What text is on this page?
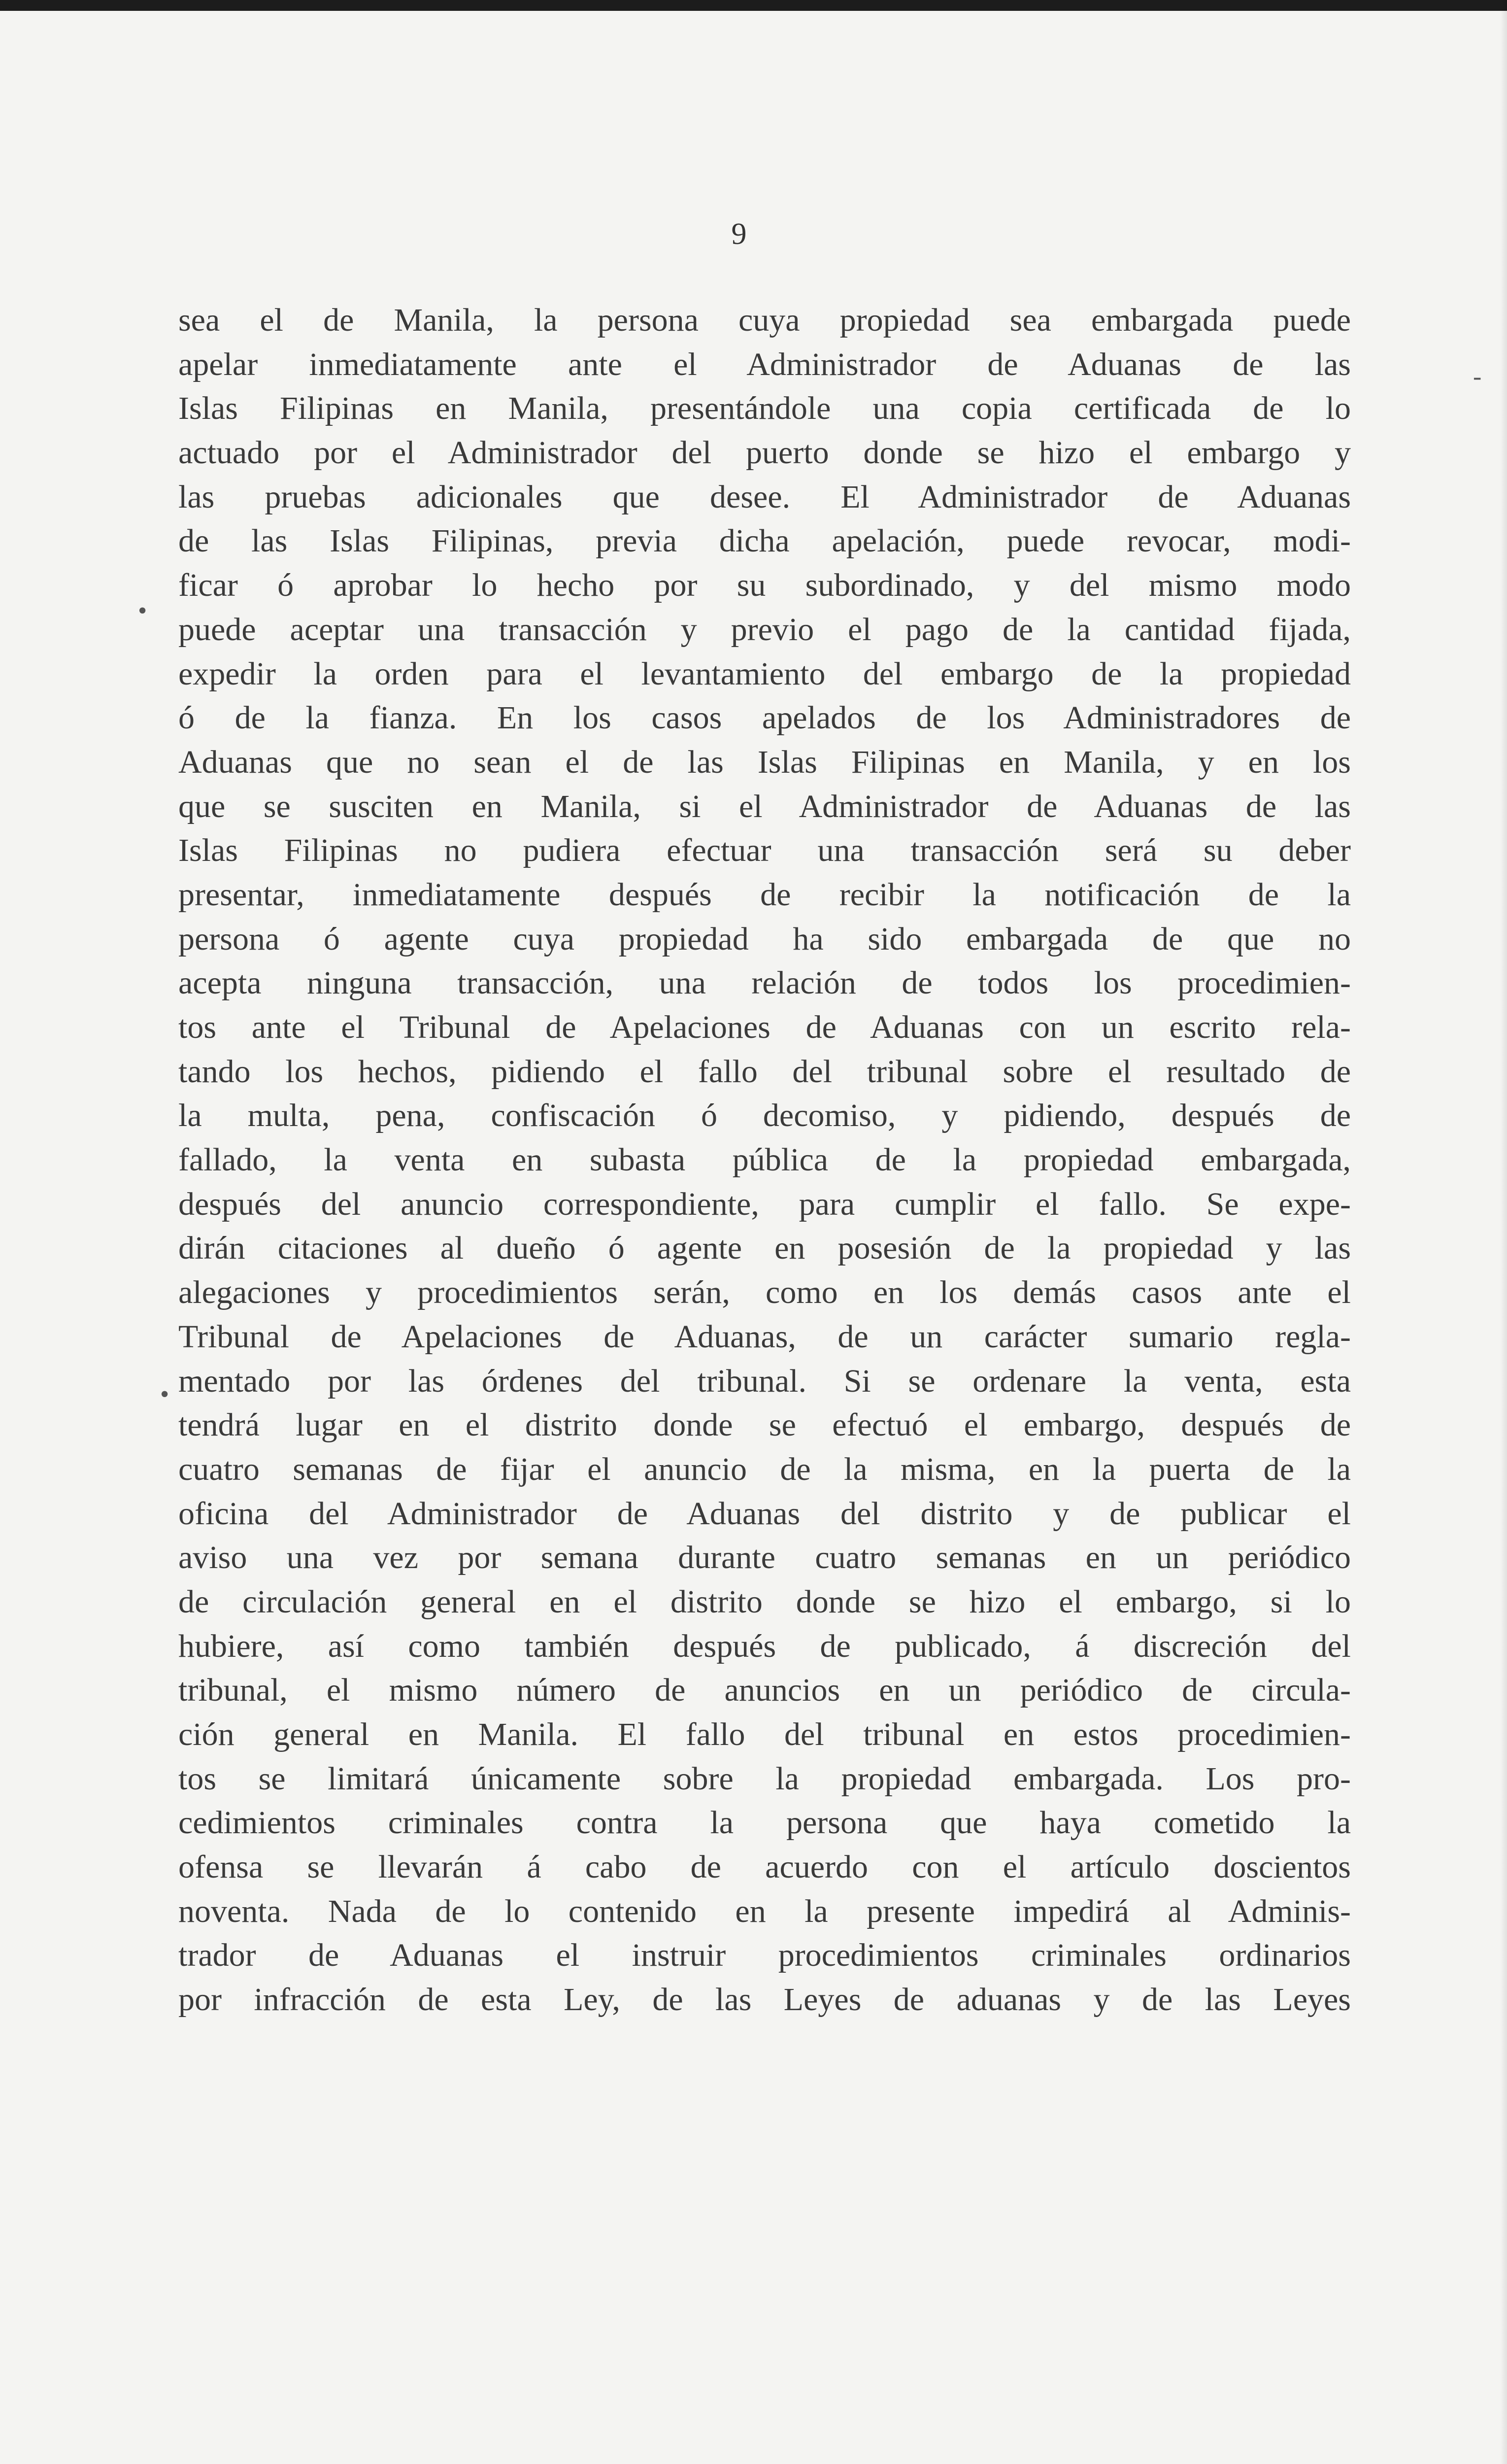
9
-
•
•
sea el de Manila, la persona cuya propiedad sea embargada puede
apelar inmediatamente ante el Administrador de Aduanas de las
Islas Filipinas en Manila, presentándole una copia certificada de lo
actuado por el Administrador del puerto donde se hizo el embargo y
las pruebas adicionales que desee. El Administrador de Aduanas
de las Islas Filipinas, previa dicha apelación, puede revocar, modi-
ficar ó aprobar lo hecho por su subordinado, y del mismo modo
puede aceptar una transacción y previo el pago de la cantidad fijada,
expedir la orden para el levantamiento del embargo de la propiedad
ó de la fianza. En los casos apelados de los Administradores de
Aduanas que no sean el de las Islas Filipinas en Manila, y en los
que se susciten en Manila, si el Administrador de Aduanas de las
Islas Filipinas no pudiera efectuar una transacción será su deber
presentar, inmediatamente después de recibir la notificación de la
persona ó agente cuya propiedad ha sido embargada de que no
acepta ninguna transacción, una relación de todos los procedimien-
tos ante el Tribunal de Apelaciones de Aduanas con un escrito rela-
tando los hechos, pidiendo el fallo del tribunal sobre el resultado de
la multa, pena, confiscación ó decomiso, y pidiendo, después de
fallado, la venta en subasta pública de la propiedad embargada,
después del anuncio correspondiente, para cumplir el fallo. Se expe-
dirán citaciones al dueño ó agente en posesión de la propiedad y las
alegaciones y procedimientos serán, como en los demás casos ante el
Tribunal de Apelaciones de Aduanas, de un carácter sumario regla-
mentado por las órdenes del tribunal. Si se ordenare la venta, esta
tendrá lugar en el distrito donde se efectuó el embargo, después de
cuatro semanas de fijar el anuncio de la misma, en la puerta de la
oficina del Administrador de Aduanas del distrito y de publicar el
aviso una vez por semana durante cuatro semanas en un periódico
de circulación general en el distrito donde se hizo el embargo, si lo
hubiere, así como también después de publicado, á discreción del
tribunal, el mismo número de anuncios en un periódico de circula-
ción general en Manila. El fallo del tribunal en estos procedimien-
tos se limitará únicamente sobre la propiedad embargada. Los pro-
cedimientos criminales contra la persona que haya cometido la
ofensa se llevarán á cabo de acuerdo con el artículo doscientos
noventa. Nada de lo contenido en la presente impedirá al Adminis-
trador de Aduanas el instruir procedimientos criminales ordinarios
por infracción de esta Ley, de las Leyes de aduanas y de las Leyes
